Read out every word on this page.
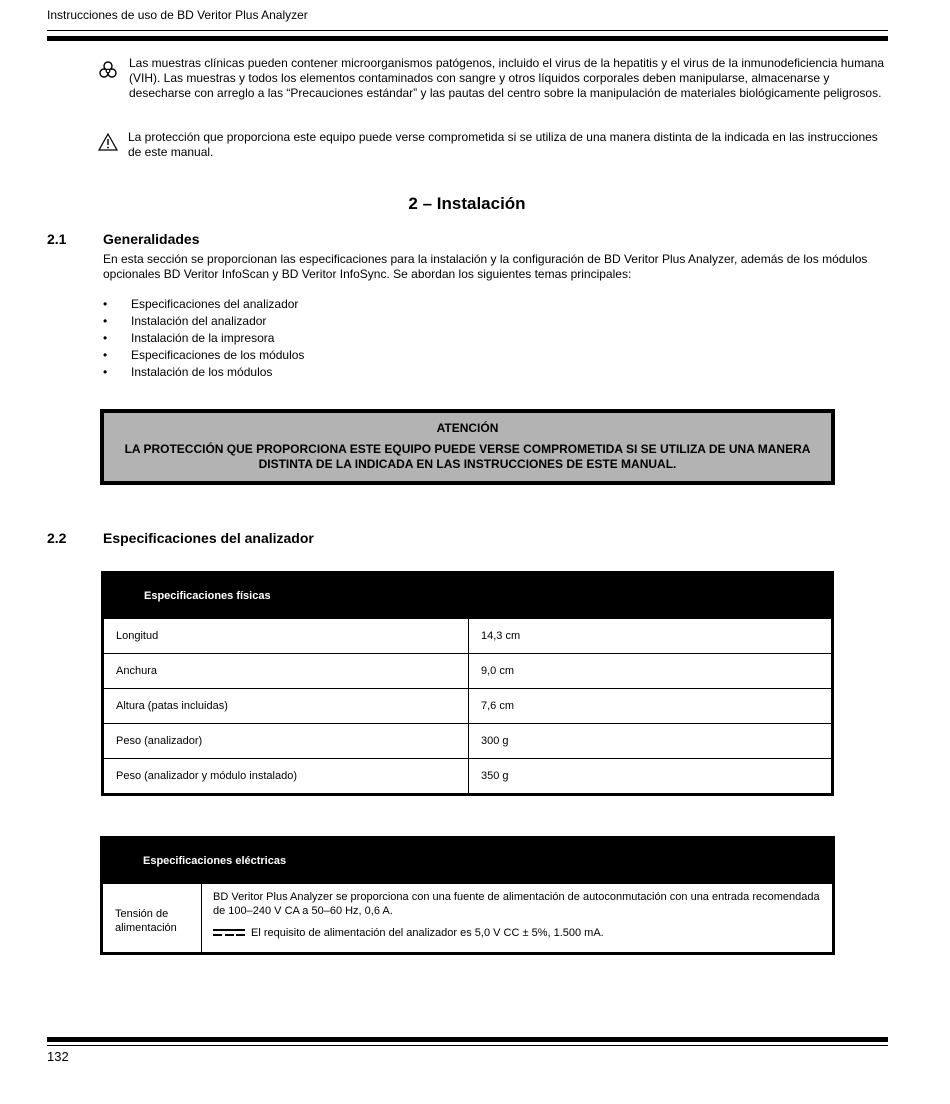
Instrucciones de uso de BD Veritor Plus Analyzer
Las muestras clínicas pueden contener microorganismos patógenos, incluido el virus de la hepatitis y el virus de la inmunodeficiencia humana (VIH). Las muestras y todos los elementos contaminados con sangre y otros líquidos corporales deben manipularse, almacenarse y desecharse con arreglo a las “Precauciones estándar” y las pautas del centro sobre la manipulación de materiales biológicamente peligrosos.
La protección que proporciona este equipo puede verse comprometida si se utiliza de una manera distinta de la indicada en las instrucciones de este manual.
2 – Instalación
2.1	Generalidades
En esta sección se proporcionan las especificaciones para la instalación y la configuración de BD Veritor Plus Analyzer, además de los módulos opcionales BD Veritor InfoScan y BD Veritor InfoSync. Se abordan los siguientes temas principales:
• Especificaciones del analizador
• Instalación del analizador
• Instalación de la impresora
• Especificaciones de los módulos
• Instalación de los módulos
ATENCIÓN
LA PROTECCIÓN QUE PROPORCIONA ESTE EQUIPO PUEDE VERSE COMPROMETIDA SI SE UTILIZA DE UNA MANERA DISTINTA DE LA INDICADA EN LAS INSTRUCCIONES DE ESTE MANUAL.
2.2	Especificaciones del analizador
Especificaciones físicas	
Longitud	14,3 cm
Anchura	9,0 cm
Altura (patas incluidas)	7,6 cm
Peso (analizador)	300 g
Peso (analizador y módulo instalado)	350 g
Especificaciones eléctricas
Tensión de alimentación	
BD Veritor Plus Analyzer se proporciona con una fuente de alimentación de autoconmutación con una entrada recomendada de 100–240 V CA a 50–60 Hz, 0,6 A.
El requisito de alimentación del analizador es 5,0 V CC ± 5%, 1.500 mA.
132
